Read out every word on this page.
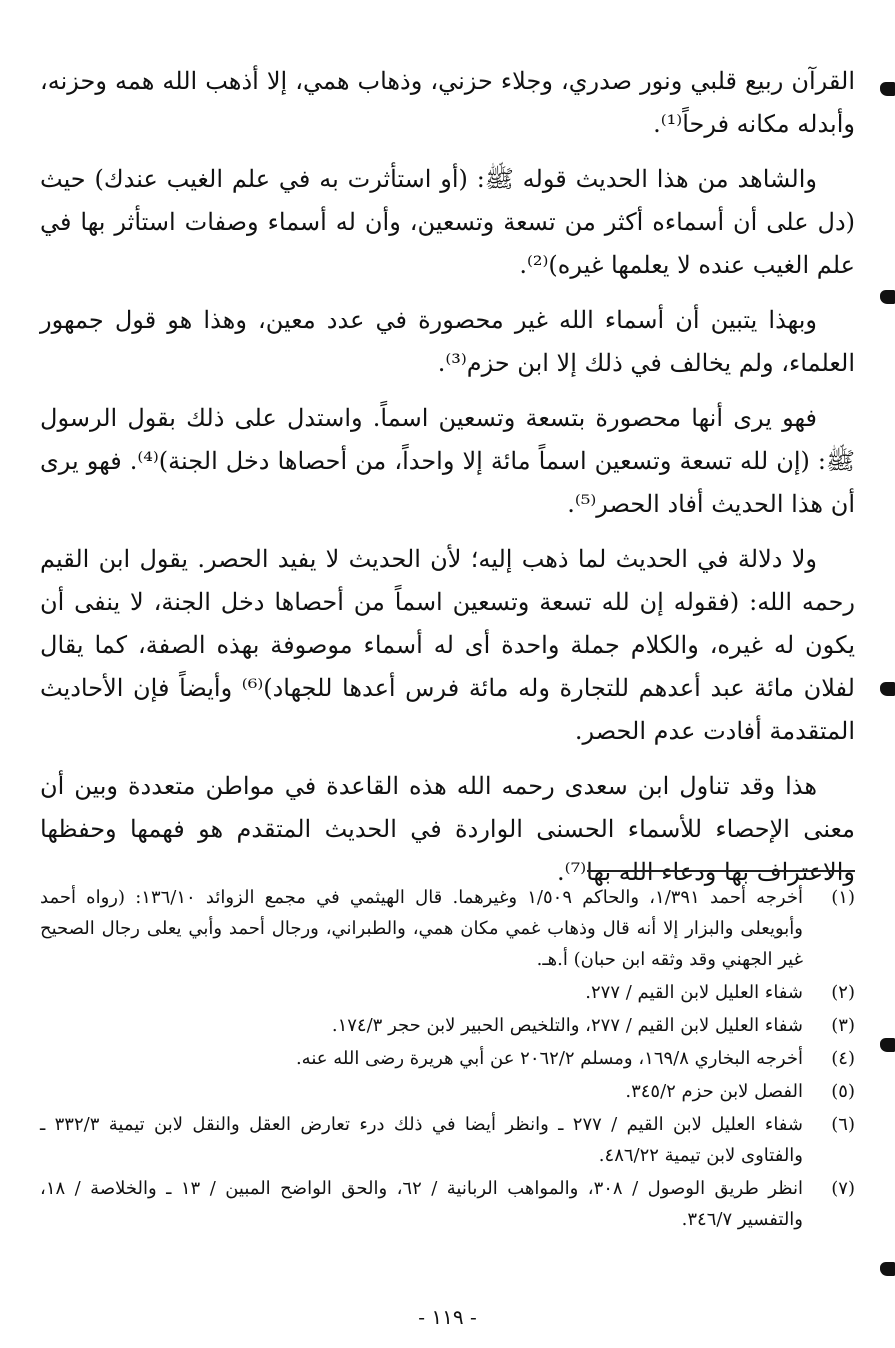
القرآن ربيع قلبي ونور صدري، وجلاء حزني، وذهاب همي، إلا أذهب الله همه وحزنه، وأبدله مكانه فرحاً⁽¹⁾.

والشاهد من هذا الحديث قوله ﷺ: (أو استأثرت به في علم الغيب عندك) حيث (دل على أن أسماءه أكثر من تسعة وتسعين، وأن له أسماء وصفات استأثر بها في علم الغيب عنده لا يعلمها غيره)⁽²⁾.

وبهذا يتبين أن أسماء الله غير محصورة في عدد معين، وهذا هو قول جمهور العلماء، ولم يخالف في ذلك إلا ابن حزم⁽³⁾.

فهو يرى أنها محصورة بتسعة وتسعين اسماً. واستدل على ذلك بقول الرسول ﷺ: (إن لله تسعة وتسعين اسماً مائة إلا واحداً، من أحصاها دخل الجنة)⁽⁴⁾. فهو يرى أن هذا الحديث أفاد الحصر⁽⁵⁾.

ولا دلالة في الحديث لما ذهب إليه؛ لأن الحديث لا يفيد الحصر. يقول ابن القيم رحمه الله: (فقوله إن لله تسعة وتسعين اسماً من أحصاها دخل الجنة، لا ينفى أن يكون له غيره، والكلام جملة واحدة أى له أسماء موصوفة بهذه الصفة، كما يقال لفلان مائة عبد أعدهم للتجارة وله مائة فرس أعدها للجهاد)⁽⁶⁾ وأيضاً فإن الأحاديث المتقدمة أفادت عدم الحصر.

هذا وقد تناول ابن سعدى رحمه الله هذه القاعدة في مواطن متعددة وبين أن معنى الإحصاء للأسماء الحسنى الواردة في الحديث المتقدم هو فهمها وحفظها والاعتراف بها ودعاء الله بها⁽⁷⁾.

(١)
أخرجه أحمد ١/٣٩١، والحاكم ١/٥٠٩ وغيرهما. قال الهيثمي في مجمع الزوائد ١٣٦/١٠: (رواه أحمد وأبويعلى والبزار إلا أنه قال وذهاب غمي مكان همي، والطبراني، ورجال أحمد وأبي يعلى رجال الصحيح غير الجهني وقد وثقه ابن حبان) أ.هـ.
(٢)
شفاء العليل لابن القيم / ٢٧٧.
(٣)
شفاء العليل لابن القيم / ٢٧٧، والتلخيص الحبير لابن حجر ١٧٤/٣.
(٤)
أخرجه البخاري ١٦٩/٨، ومسلم ٢٠٦٢/٢ عن أبي هريرة رضى الله عنه.
(٥)
الفصل لابن حزم ٣٤٥/٢.
(٦)
شفاء العليل لابن القيم / ٢٧٧ ـ وانظر أيضا في ذلك درء تعارض العقل والنقل لابن تيمية ٣٣٢/٣ ـ والفتاوى لابن تيمية ٤٨٦/٢٢.
(٧)
انظر طريق الوصول / ٣٠٨، والمواهب الربانية / ٦٢، والحق الواضح المبين / ١٣ ـ والخلاصة / ١٨، والتفسير ٣٤٦/٧.
- ١١٩ -
